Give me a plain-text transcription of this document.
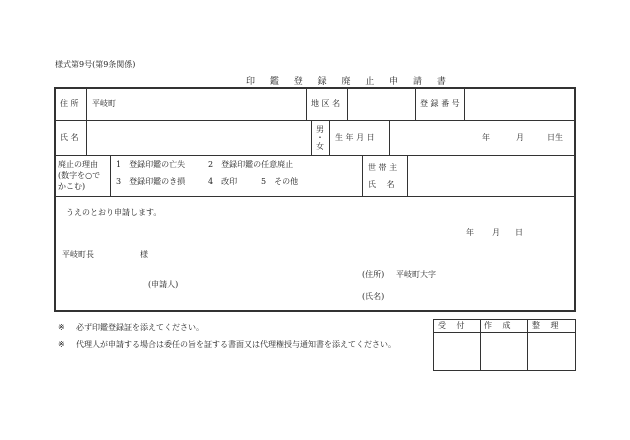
様式第9号(第9条関係)
印 鑑 登 録 廃 止 申 請 書
住 所 平岐町	地 区 名	登 録 番 号
氏 名
男
・
女
生 年 月 日	年	月	日生
廃止の理由
(数字を○で
かこむ)
1　登録印鑑の亡失	2　登録印鑑の任意廃止
3　登録印鑑のき損	4　改印	5　その他
世 帯 主
氏　 名
うえのとおり申請します。
年 月 日
平岐町長	様
(申請人)
(住所) 平岐町大字
(氏名)
※ 必ず印鑑登録証を添えてください。
※ 代理人が申請する場合は委任の旨を証する書面又は代理権授与通知書を添えてください。
受　 付 作　 成	整　 理
